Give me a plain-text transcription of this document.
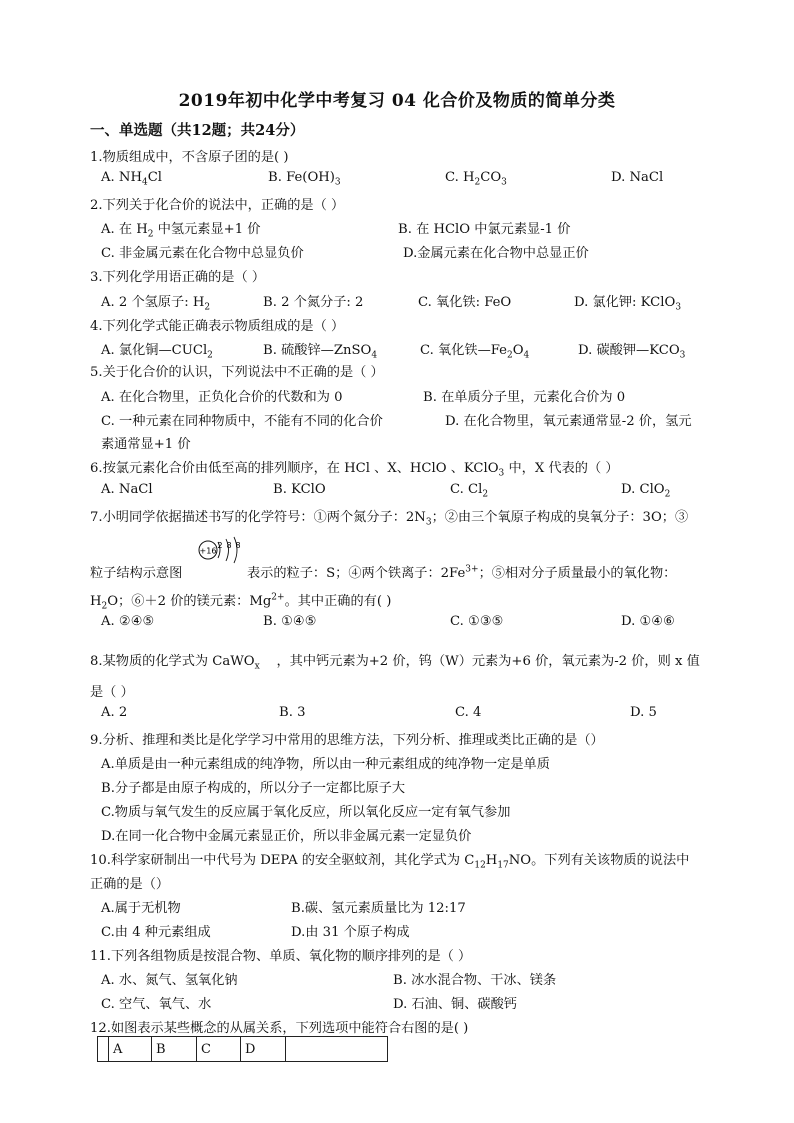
2019年初中化学中考复习 04 化合价及物质的简单分类
一、单选题（共12题；共24分）
1.物质组成中，不含原子团的是( )
A. $NH_4Cl$	B. $Fe(OH)_3$	C. $H_2CO_3$	D. NaCl
2.下列关于化合价的说法中，正确的是（ ）
A. 在 $H_2$ 中氢元素显+1 价	B. 在 HClO 中氯元素显-1 价
C. 非金属元素在化合物中总显负价	D.金属元素在化合物中总显正价
3.下列化学用语正确的是（ ）
A. 2 个氢原子: $H_2$	B. 2 个氮分子: 2	C. 氧化铁: FeO	D. 氯化钾: KClO$_3$
4.下列化学式能正确表示物质组成的是（ ）
A. 氯化铜—CUCl$_2$	B. 硫酸锌—ZnSO$_4$	C. 氧化铁$—Fe_2O_4$	D. 碳酸钾$—KCO_3$
5.关于化合价的认识，下列说法中不正确的是（ ）
A. 在化合物里，正负化合价的代数和为 0	B. 在单质分子里，元素化合价为 0
C. 一种元素在同种物质中，不能有不同的化合价	D. 在化合物里，氧元素通常显-2 价，氢元
素通常显+1 价
6.按氯元素化合价由低至高的排列顺序，在 HCl 、X、HClO 、KClO$_3$ 中，X 代表的（ ）
A. NaCl	B. KClO	C. $Cl_2$	D. ClO$_2$
7.小明同学依据描述书写的化学符号：①两个氮分子：$2N_3$；②由三个氧原子构成的臭氧分子：3O；③
+16
2 8 8
粒子结构示意图	表示的粒子：S；④两个铁离子：$2Fe^{3+}$；⑤相对分子质量最小的氧化物：
$H_2O$；⑥＋2 价的镁元素：$Mg^{2+}$。其中正确的有( )
A. ②④⑤	B. ①④⑤	C. ①③⑤	D. ①④⑥
8.某物质的化学式为 CaWO$_x$    ，其中钙元素为+2 价，钨（W）元素为+6 价，氧元素为-2 价，则 x 值
是（ ）
A. 2	B. 3	C. 4	D. 5
9.分析、推理和类比是化学学习中常用的思维方法，下列分析、推理或类比正确的是（）
A.单质是由一种元素组成的纯净物，所以由一种元素组成的纯净物一定是单质
B.分子都是由原子构成的，所以分子一定都比原子大
C.物质与氧气发生的反应属于氧化反应，所以氧化反应一定有氧气参加
D.在同一化合物中金属元素显正价，所以非金属元素一定显负价
10.科学家研制出一中代号为 DEPA 的安全驱蚊剂，其化学式为 $C_{12}H_{17}NO$。下列有关该物质的说法中
正确的是（）
A.属于无机物	B.碳、氢元素质量比为 12:17
C.由 4 种元素组成	D.由 31 个原子构成
11.下列各组物质是按混合物、单质、氧化物的顺序排列的是（ ）
A. 水、氮气、氢氧化钠	B. 冰水混合物、干冰、镁条
C. 空气、氧气、水	D. 石油、铜、碳酸钙
12.如图表示某些概念的从属关系，下列选项中能符合右图的是( )
	A	B	C	D	
